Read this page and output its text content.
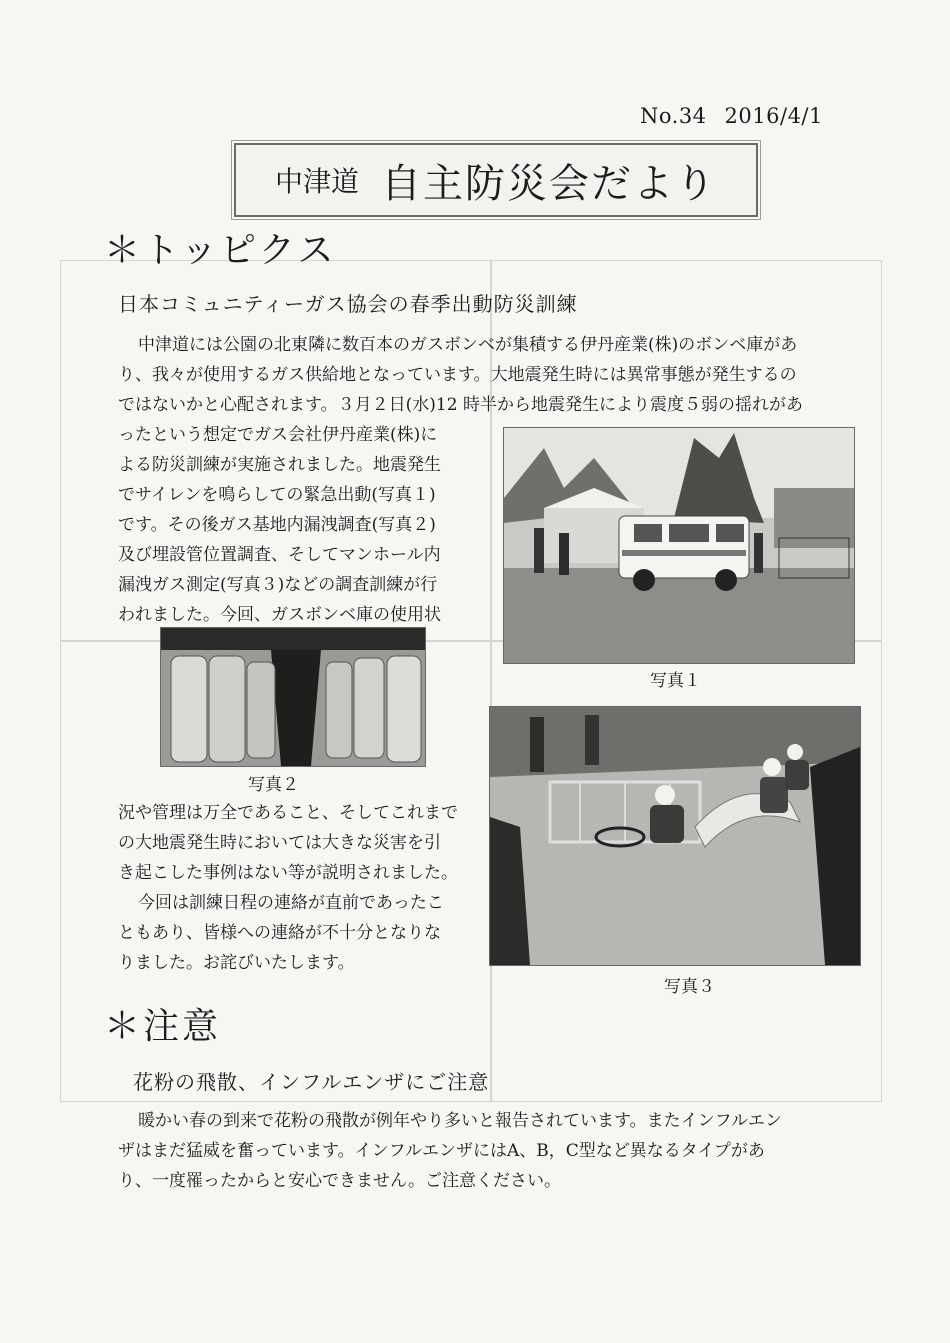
No.34 2016/4/1
中津道 自主防災会だより
＊トッピクス
日本コミュニティーガス協会の春季出動防災訓練

中津道には公園の北東隣に数百本のガスボンベが集積する伊丹産業(株)のボンベ庫があ
り、我々が使用するガス供給地となっています。大地震発生時には異常事態が発生するの
ではないかと心配されます。３月２日(水)12 時半から地震発生により震度５弱の揺れがあ

ったという想定でガス会社伊丹産業(株)に
よる防災訓練が実施されました。地震発生
でサイレンを鳴らしての緊急出動(写真１)
です。その後ガス基地内漏洩調査(写真２)
及び埋設管位置調査、そしてマンホール内
漏洩ガス測定(写真３)などの調査訓練が行
われました。今回、ガスボンベ庫の使用状

写真１
写真２

況や管理は万全であること、そしてこれまで
の大地震発生時においては大きな災害を引
き起こした事例はない等が説明されました。
今回は訓練日程の連絡が直前であったこ
ともあり、皆様への連絡が不十分となりな
りました。お詫びいたします。

写真３
＊注意
花粉の飛散、インフルエンザにご注意

暖かい春の到来で花粉の飛散が例年やり多いと報告されています。またインフルエン
ザはまだ猛威を奮っています。インフルエンザにはA、B，C型など異なるタイプがあ
り、一度罹ったからと安心できません。ご注意ください。
